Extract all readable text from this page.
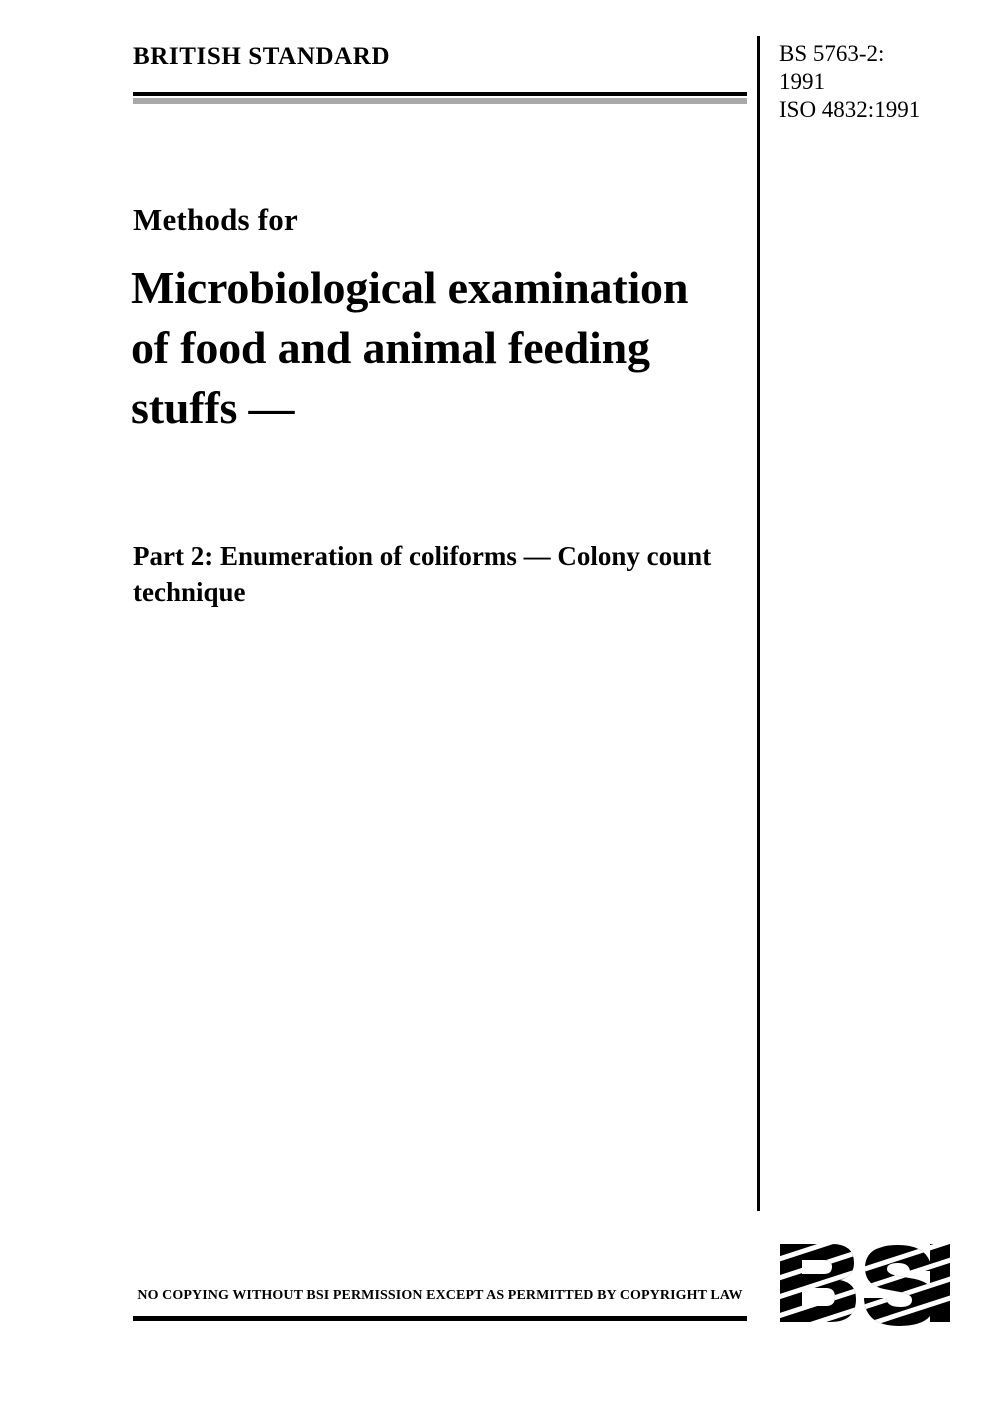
BRITISH STANDARD	BS 5763-2:
1991
ISO 4832:1991
Methods for
Microbiological examination of food and animal feeding stuffs —
Part 2: Enumeration of coliforms — Colony count technique
NO COPYING WITHOUT BSI PERMISSION EXCEPT AS PERMITTED BY COPYRIGHT LAW
